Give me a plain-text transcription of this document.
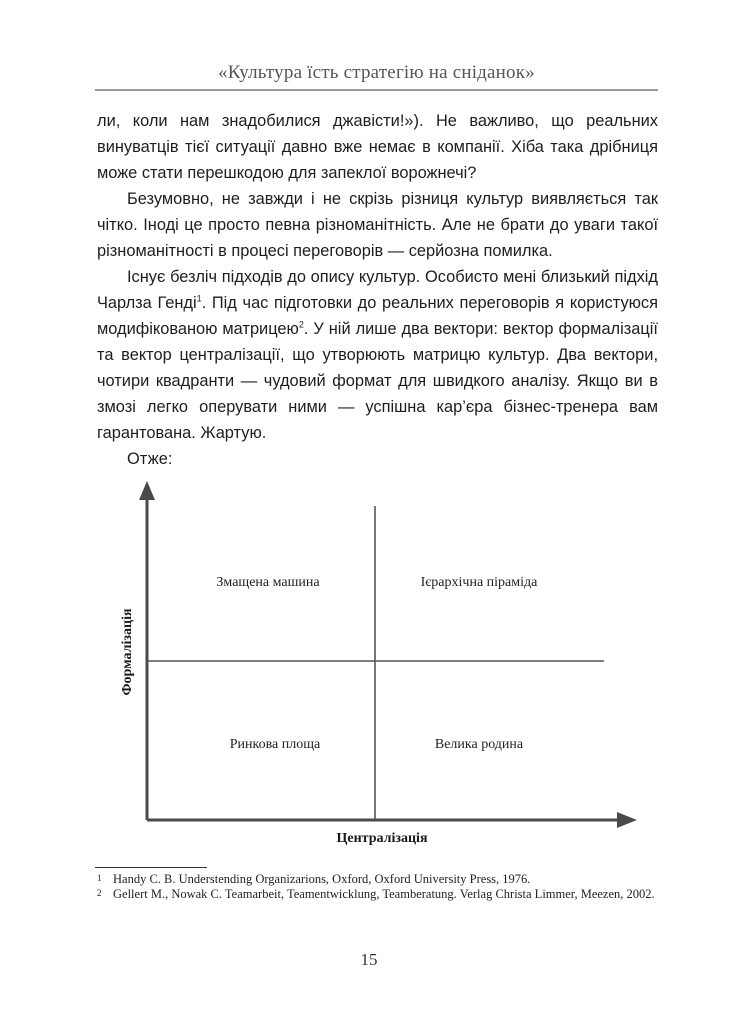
«Культура їсть стратегію на сніданок»

ли, коли нам знадобилися джавісти!»). Не важливо, що реальних винуватців тієї ситуації давно вже немає в компанії. Хіба така дрібниця може стати перешкодою для запеклої ворожнечі?

Безумовно, не завжди і не скрізь різниця культур виявляється так чітко. Іноді це просто певна різноманітність. Але не брати до уваги такої різноманітності в процесі переговорів — серйозна помилка.

Існує безліч підходів до опису культур. Особисто мені близький підхід Чарлза Генді$^1$. Під час підготовки до реальних переговорів я користуюся модифікованою матрицею$^2$. У ній лише два вектори: вектор формалізації та вектор централізації, що утворюють матрицю культур. Два вектори, чотири квадранти — чудовий формат для швидкого аналізу. Якщо ви в змозі легко оперувати ними — успішна кар’єра бізнес-тренера вам гарантована. Жартую.

Отже:

Змащена машина	Ієрархічна піраміда
Ринкова площа	Велика родина
Формалізація
Централізація
1 Handy C. B. Understending Organizarions, Oxford, Oxford University Press, 1976.
2 Gellert M., Nowak C. Teamarbeit, Teamentwicklung, Teamberatung. Verlag Christa Limmer, Meezen, 2002.
15
